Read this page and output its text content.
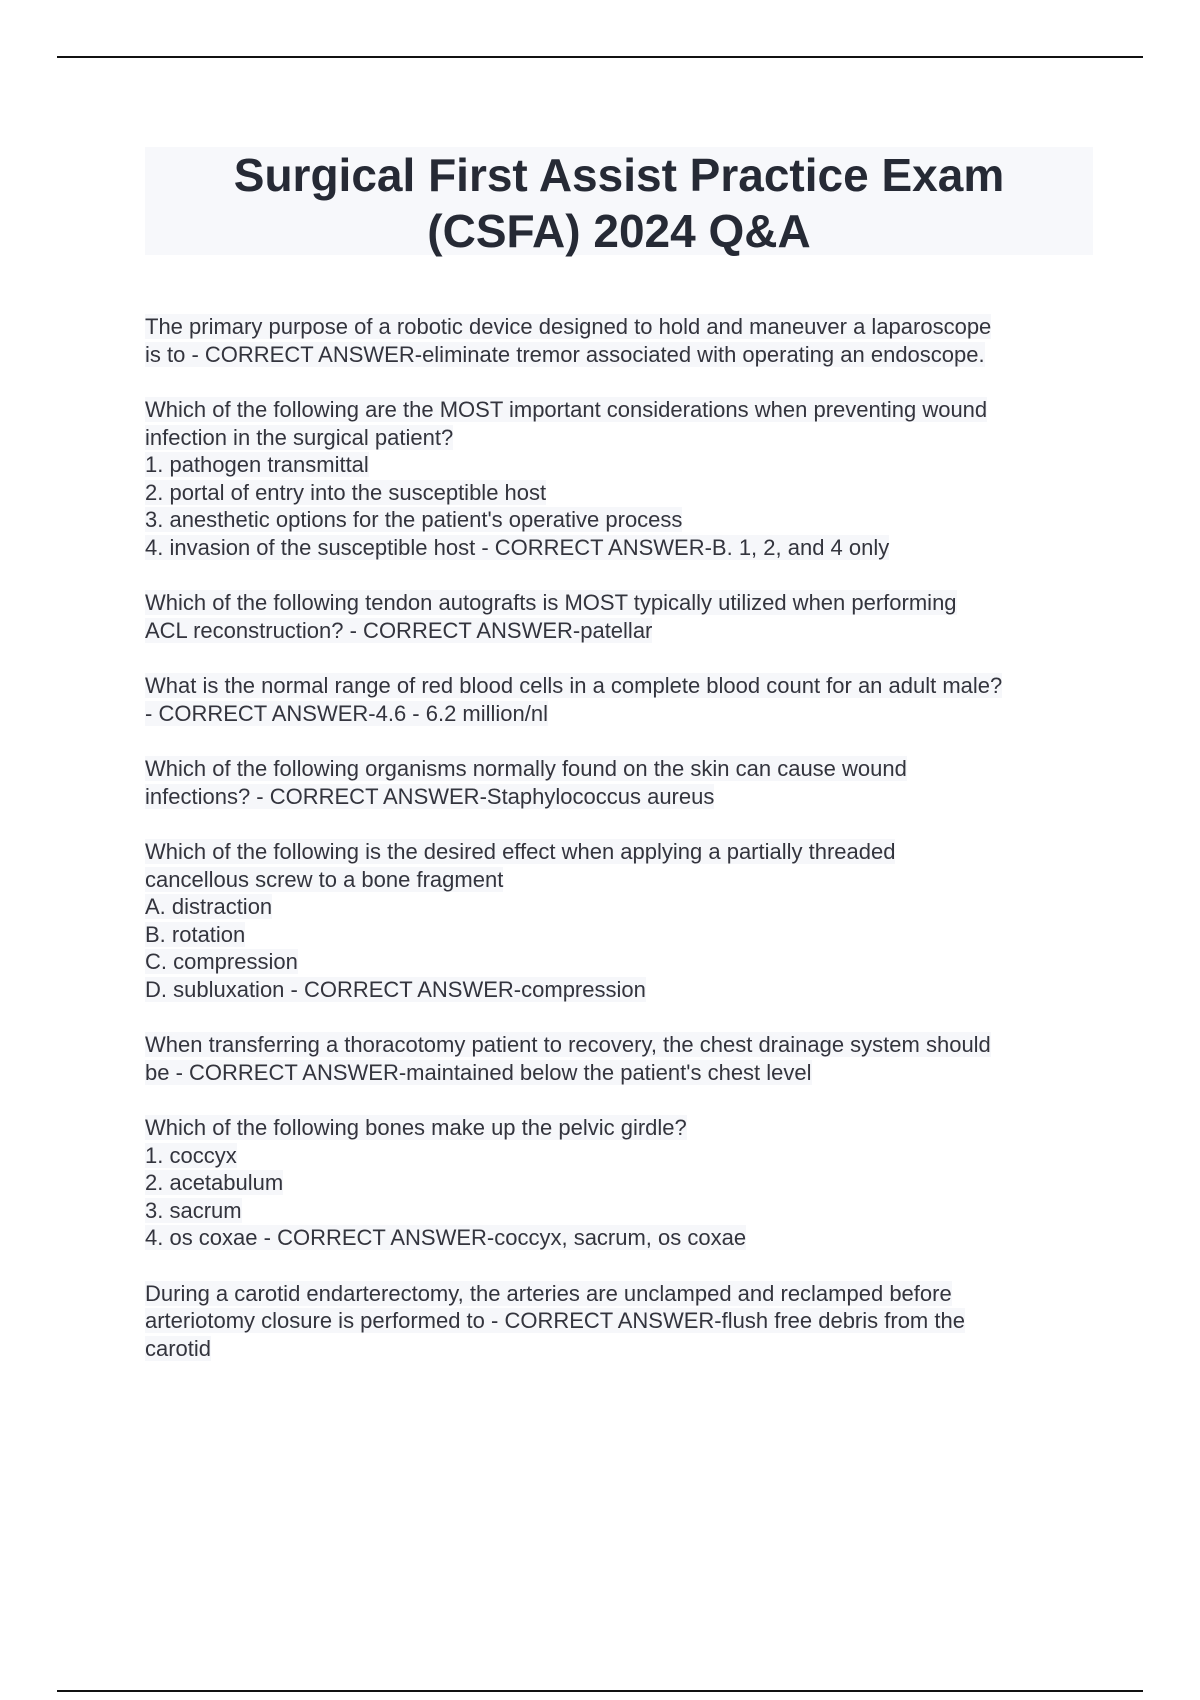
Surgical First Assist Practice Exam
(CSFA) 2024 Q&A
The primary purpose of a robotic device designed to hold and maneuver a laparoscope
is to - CORRECT ANSWER-eliminate tremor associated with operating an endoscope.
Which of the following are the MOST important considerations when preventing wound
infection in the surgical patient?
1. pathogen transmittal
2. portal of entry into the susceptible host
3. anesthetic options for the patient's operative process
4. invasion of the susceptible host - CORRECT ANSWER-B. 1, 2, and 4 only
Which of the following tendon autografts is MOST typically utilized when performing
ACL reconstruction? - CORRECT ANSWER-patellar
What is the normal range of red blood cells in a complete blood count for an adult male?
- CORRECT ANSWER-4.6 - 6.2 million/nl
Which of the following organisms normally found on the skin can cause wound
infections? - CORRECT ANSWER-Staphylococcus aureus
Which of the following is the desired effect when applying a partially threaded
cancellous screw to a bone fragment
A. distraction
B. rotation
C. compression
D. subluxation - CORRECT ANSWER-compression
When transferring a thoracotomy patient to recovery, the chest drainage system should
be - CORRECT ANSWER-maintained below the patient's chest level
Which of the following bones make up the pelvic girdle?
1. coccyx
2. acetabulum
3. sacrum
4. os coxae - CORRECT ANSWER-coccyx, sacrum, os coxae
During a carotid endarterectomy, the arteries are unclamped and reclamped before
arteriotomy closure is performed to - CORRECT ANSWER-flush free debris from the
carotid
